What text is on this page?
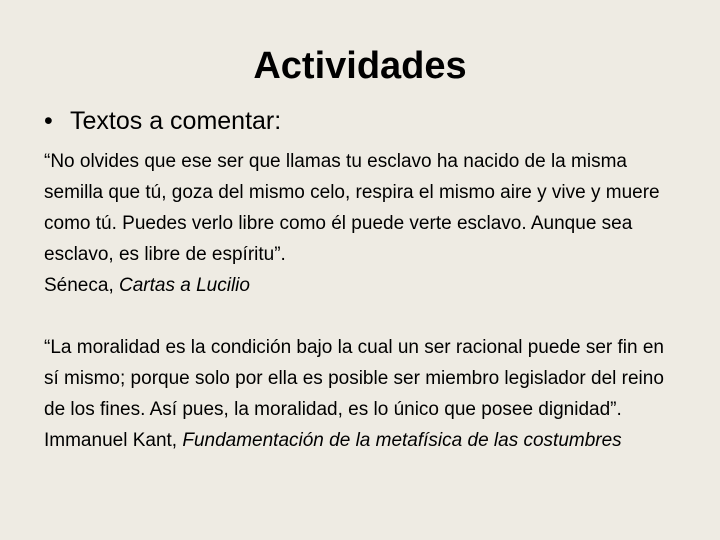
Actividades
• Textos a comentar:

“No olvides que ese ser que llamas tu esclavo ha nacido de la misma semilla que tú, goza del mismo celo, respira el mismo aire y vive y muere como tú. Puedes verlo libre como él puede verte esclavo. Aunque sea esclavo, es libre de espíritu”.

Séneca, Cartas a Lucilio

“La moralidad es la condición bajo la cual un ser racional puede ser fin en sí mismo; porque solo por ella es posible ser miembro legislador del reino de los fines. Así pues, la moralidad, es lo único que posee dignidad”.

Immanuel Kant, Fundamentación de la metafísica de las costumbres
